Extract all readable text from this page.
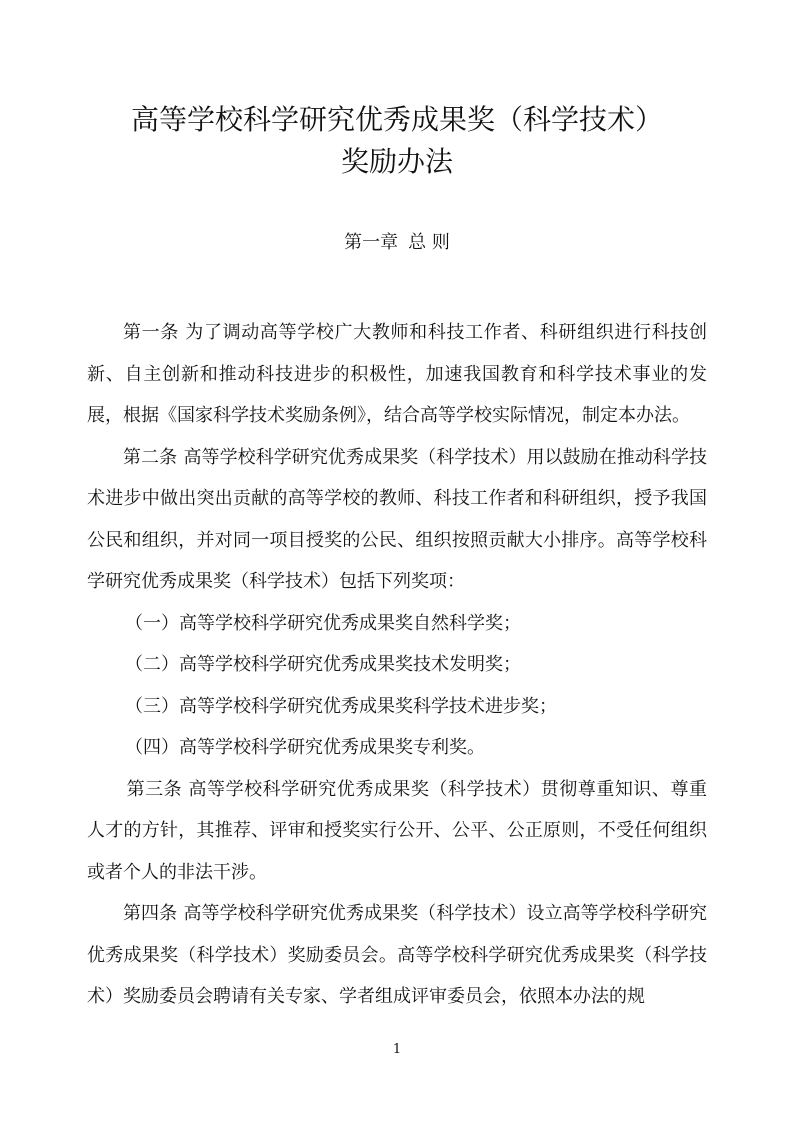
高等学校科学研究优秀成果奖（科学技术）
奖励办法
第一章 总 则

第一条 为了调动高等学校广大教师和科技工作者、科研组织进行科技创新、自主创新和推动科技进步的积极性，加速我国教育和科学技术事业的发展，根据《国家科学技术奖励条例》，结合高等学校实际情况，制定本办法。

第二条 高等学校科学研究优秀成果奖（科学技术）用以鼓励在推动科学技术进步中做出突出贡献的高等学校的教师、科技工作者和科研组织，授予我国公民和组织，并对同一项目授奖的公民、组织按照贡献大小排序。高等学校科学研究优秀成果奖（科学技术）包括下列奖项：

（一）高等学校科学研究优秀成果奖自然科学奖；

（二）高等学校科学研究优秀成果奖技术发明奖；

（三）高等学校科学研究优秀成果奖科学技术进步奖；

（四）高等学校科学研究优秀成果奖专利奖。

第三条 高等学校科学研究优秀成果奖（科学技术）贯彻尊重知识、尊重人才的方针，其推荐、评审和授奖实行公开、公平、公正原则，不受任何组织或者个人的非法干涉。

第四条 高等学校科学研究优秀成果奖（科学技术）设立高等学校科学研究优秀成果奖（科学技术）奖励委员会。高等学校科学研究优秀成果奖（科学技术）奖励委员会聘请有关专家、学者组成评审委员会，依照本办法的规

1
